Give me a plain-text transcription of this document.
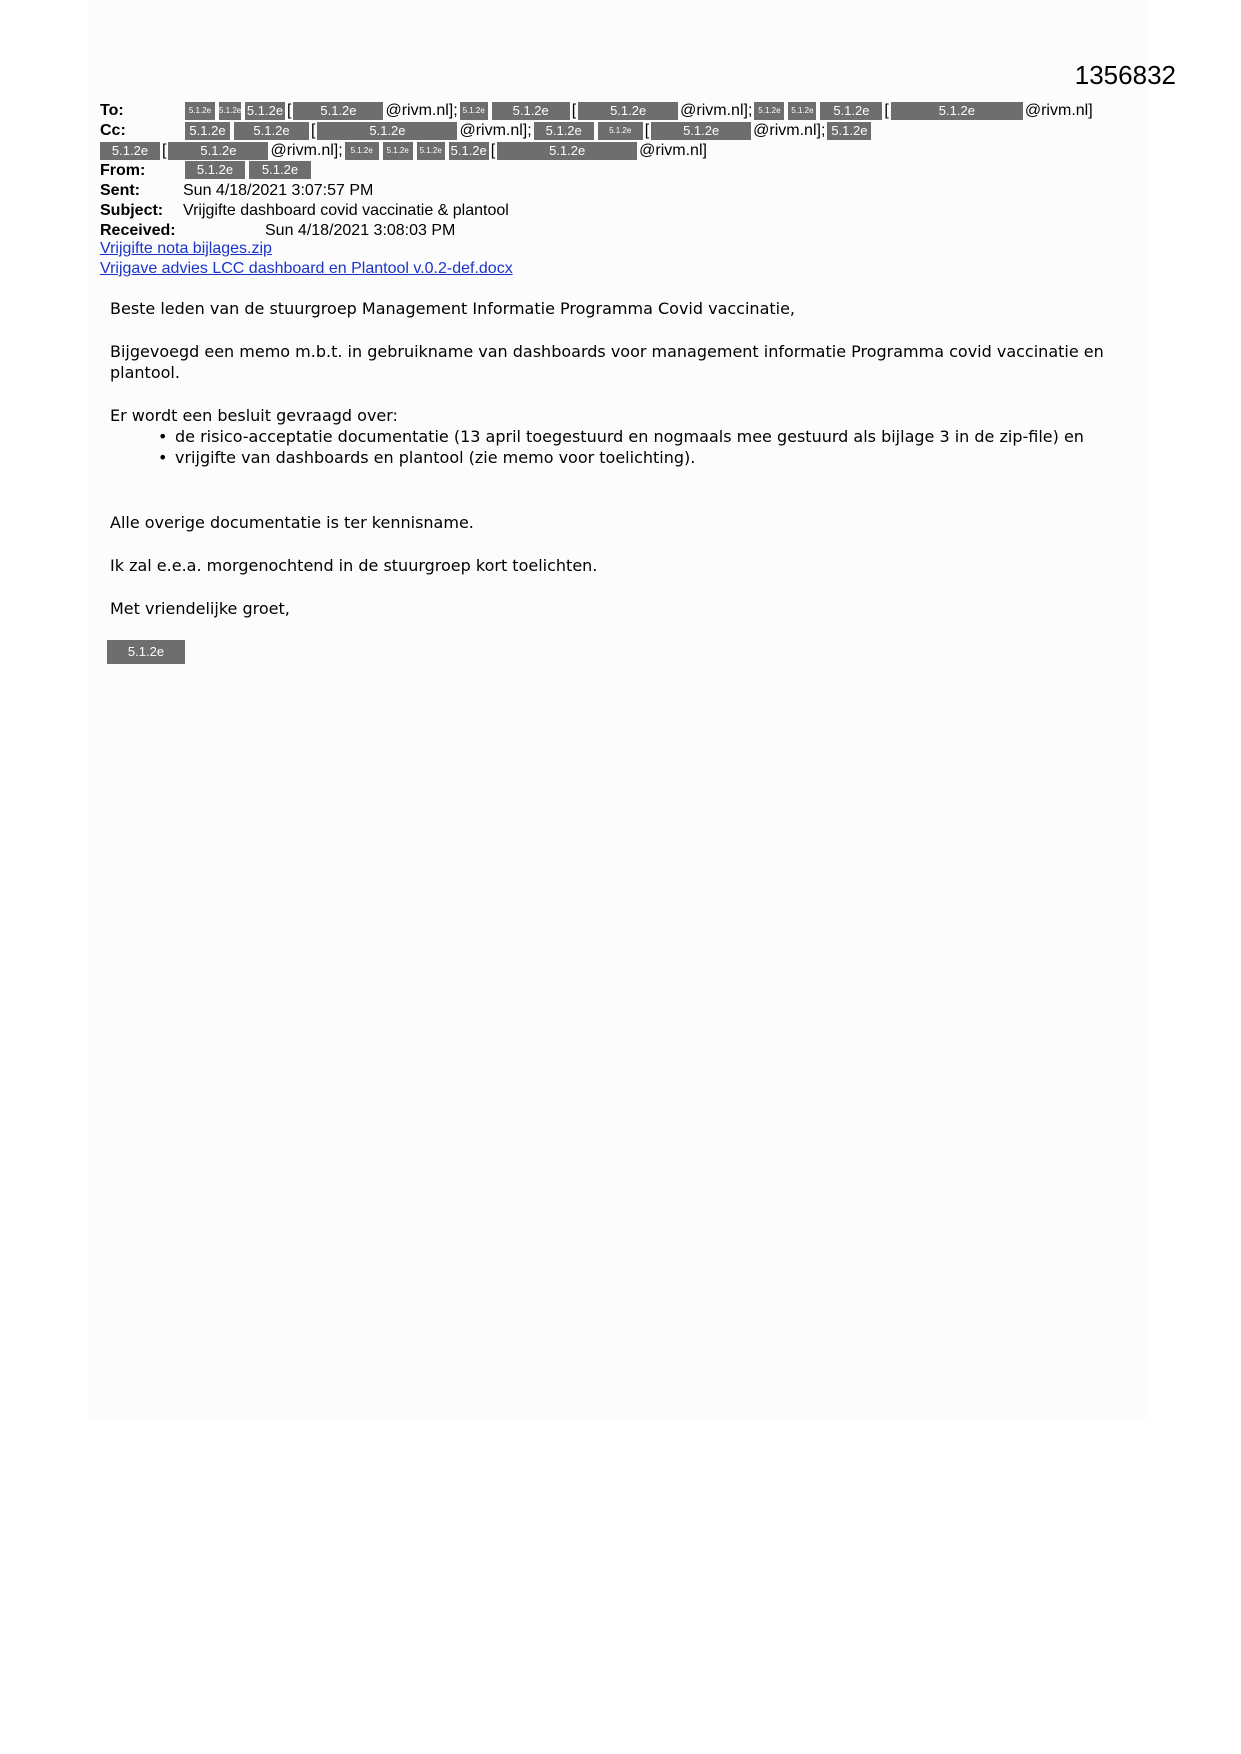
1356832
To:	5.1.2e 5.1.2e 5.1.2e [	5.1.2e	@rivm.nl]; 5.1.2e	5.1.2e	[	5.1.2e	@rivm.nl]; 5.1.2e	5.1.2e	5.1.2e [	5.1.2e	@rivm.nl]
Cc:	5.1.2e	5.1.2e	[	5.1.2e	@rivm.nl];	5.1.2e	5.1.2e [	5.1.2e	@rivm.nl]; 5.1.2e
5.1.2e [	5.1.2e	@rivm.nl]; 5.1.2e	5.1.2e	5.1.2e 5.1.2e [	5.1.2e	@rivm.nl]
From:	5.1.2e	5.1.2e
Sent:	Sun 4/18/2021 3:07:57 PM
Subject: Vrijgifte dashboard covid vaccinatie & plantool
Received:	Sun 4/18/2021 3:08:03 PM
Vrijgifte nota bijlages.zip
Vrijgave advies LCC dashboard en Plantool v.0.2-def.docx

Beste leden van de stuurgroep Management Informatie Programma Covid vaccinatie,

Bijgevoegd een memo m.b.t. in gebruikname van dashboards voor management informatie Programma covid vaccinatie en plantool.

Er wordt een besluit gevraagd over:

• de risico-acceptatie documentatie (13 april toegestuurd en nogmaals mee gestuurd als bijlage 3 in de zip-file) en
• vrijgifte van dashboards en plantool (zie memo voor toelichting).

Alle overige documentatie is ter kennisname.

Ik zal e.e.a. morgenochtend in de stuurgroep kort toelichten.

Met vriendelijke groet,

5.1.2e
